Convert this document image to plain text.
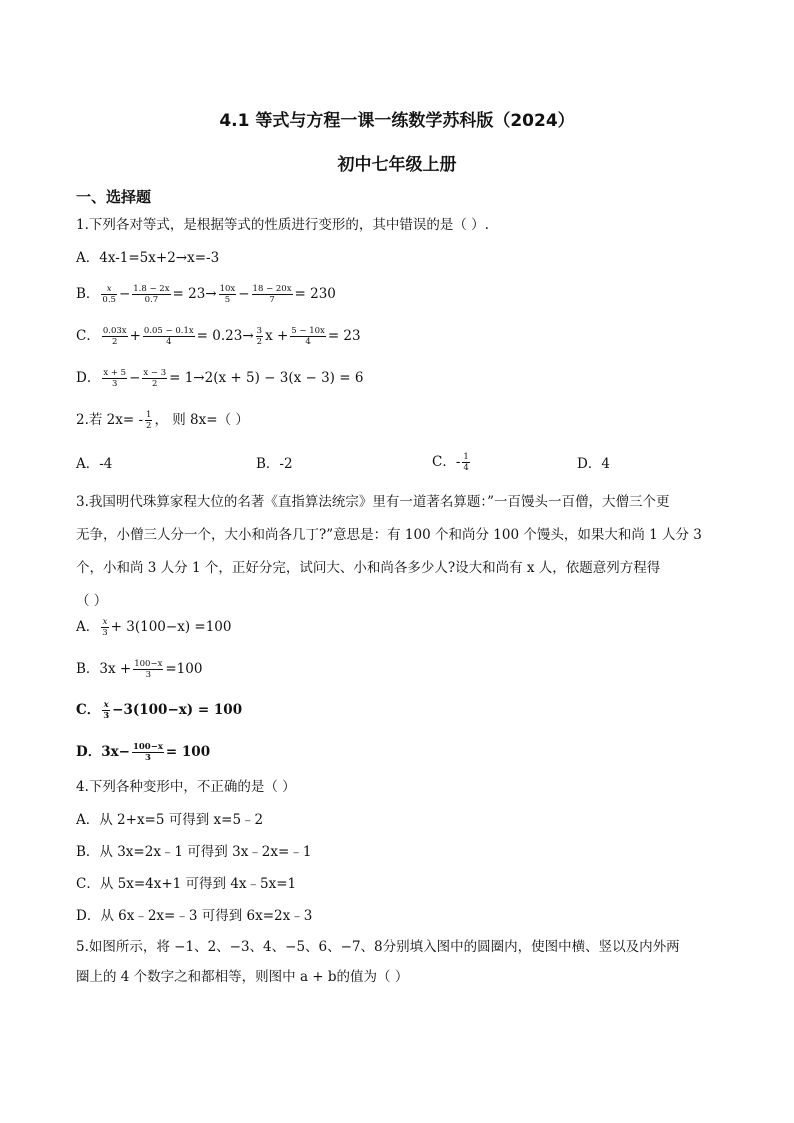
4.1 等式与方程一课一练数学苏科版（2024）
初中七年级上册
一、选择题
1.下列各对等式，是根据等式的性质进行变形的，其中错误的是（ ）.
A．4x-1=5x+2→x=-3
B． $\frac{x}{0.5} - \frac{1.8 - 2x}{0.7} = 23\to \frac{10x}{5} - \frac{18 - 20x}{7} = 230$
C． $\frac{0.03x}{2} + \frac{0.05 - 0.1x}{4} = 0.23\to \frac{3}{2}$ $x + \frac{5 - 10x}{4} = 23$
D． $\frac{x + 5}{3} - \frac{x - 3}{2} = 1\to 2(x + 5) - 3(x - 3) = 6$
2.若 $2x= - \frac{1}{2}$ ， 则 8x=（ ）
A．-4	B．-2	C．- $\frac{1}{4}$	D．4
3.我国明代珠算家程大位的名著《直指算法统宗》里有一道著名算题：”一百馒头一百僧，大僧三个更
无争，小僧三人分一个，大小和尚各几丁?”意思是：有 100 个和尚分 100 个馒头，如果大和尚 1 人分 3
个，小和尚 3 人分 1 个，正好分完，试问大、小和尚各多少人?设大和尚有 x 人，依题意列方程得
（ ）
A． $\frac{x}{3} + 3(100-x) =100$
B．$3x + \frac{100-x}{3} =100$
C． $\frac{x}{3} -3(100-x) = 100$
D．$3x- \frac{100-x}{3} = 100$
4.下列各种变形中，不正确的是（ ）
A．从 2+x=5 可得到 x=5﹣2
B．从 3x=2x﹣1 可得到 3x﹣2x=﹣1
C．从 5x=4x+1 可得到 4x﹣5x=1
D．从 6x﹣2x=﹣3 可得到 6x=2x﹣3
5.如图所示，将 −1、2、−3、4、−5、6、−7、8分别填入图中的圆圈内，使图中横、竖以及内外两
圈上的 4 个数字之和都相等，则图中 a + b的值为（ ）
